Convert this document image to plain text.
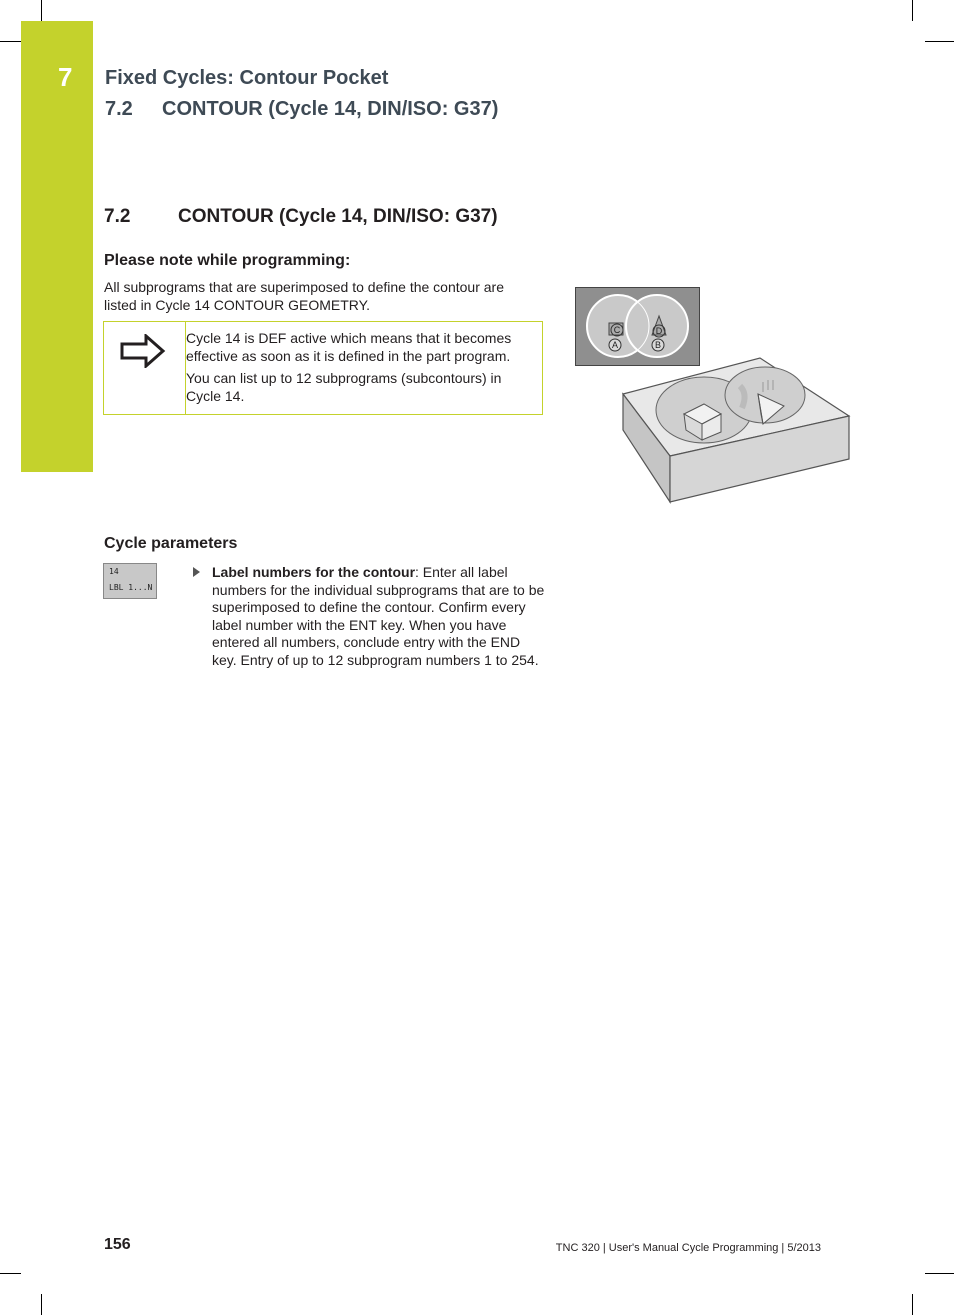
7 Fixed Cycles: Contour Pocket
7.2 CONTOUR (Cycle 14, DIN/ISO: G37)
7.2	CONTOUR (Cycle 14, DIN/ISO: G37)
Please note while programming:
All subprograms that are superimposed to define the contour are listed in Cycle 14 CONTOUR GEOMETRY.
Cycle 14 is DEF active which means that it becomes effective as soon as it is defined in the part program.
You can list up to 12 subprograms (subcontours) in Cycle 14.
C	D
A	B
Cycle parameters
14
LBL 1...N
Label numbers for the contour: Enter all label numbers for the individual subprograms that are to be superimposed to define the contour. Confirm every label number with the ENT key. When you have entered all numbers, conclude entry with the END key. Entry of up to 12 subprogram numbers 1 to 254.
156	TNC 320 | User's Manual Cycle Programming | 5/2013
